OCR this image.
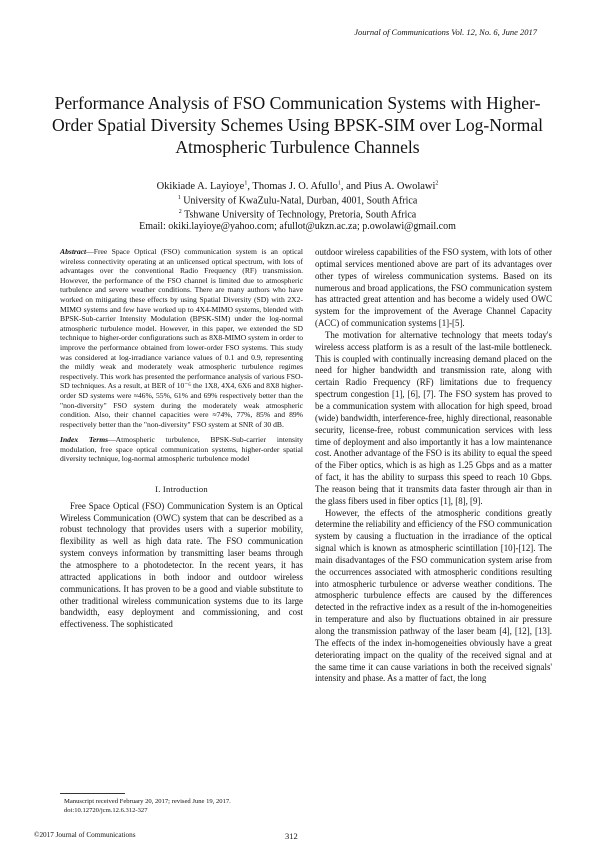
Journal of Communications Vol. 12, No. 6, June 2017
Performance Analysis of FSO Communication Systems with Higher-Order Spatial Diversity Schemes Using BPSK-SIM over Log-Normal Atmospheric Turbulence Channels
Okikiade A. Layioye$^1$, Thomas J. O. Afullo$^1$, and Pius A. Owolawi$^2$
$^1$ University of KwaZulu-Natal, Durban, 4001, South Africa
$^2$ Tshwane University of Technology, Pretoria, South Africa
Email: okiki.layioye@yahoo.com; afullot@ukzn.ac.za; p.owolawi@gmail.com

Abstract—Free Space Optical (FSO) communication system is an optical wireless connectivity operating at an unlicensed optical spectrum, with lots of advantages over the conventional Radio Frequency (RF) transmission. However, the performance of the FSO channel is limited due to atmospheric turbulence and severe weather conditions. There are many authors who have worked on mitigating these effects by using Spatial Diversity (SD) with 2X2-MIMO systems and few have worked up to 4X4-MIMO systems, blended with BPSK-Sub-carrier Intensity Modulation (BPSK-SIM) under the log-normal atmospheric turbulence model. However, in this paper, we extended the SD technique to higher-order configurations such as 8X8-MIMO system in order to improve the performance obtained from lower-order FSO systems. This study was considered at log-irradiance variance values of 0.1 and 0.9, representing the mildly weak and moderately weak atmospheric turbulence regimes respectively. This work has presented the performance analysis of various FSO-SD techniques. As a result, at BER of 10⁻⁶ the 1X8, 4X4, 6X6 and 8X8 higher-order SD systems were ≈46%, 55%, 61% and 69% respectively better than the "non-diversity" FSO system during the moderately weak atmospheric condition. Also, their channel capacities were ≈74%, 77%, 85% and 89% respectively better than the "non-diversity" FSO system at SNR of 30 dB.

Index Terms—Atmospheric turbulence, BPSK-Sub-carrier intensity modulation, free space optical communication systems, higher-order spatial diversity technique, log-normal atmospheric turbulence model

I. Introduction

Free Space Optical (FSO) Communication System is an Optical Wireless Communication (OWC) system that can be described as a robust technology that provides users with a superior mobility, flexibility as well as high data rate. The FSO communication system conveys information by transmitting laser beams through the atmosphere to a photodetector. In the recent years, it has attracted applications in both indoor and outdoor wireless communications. It has proven to be a good and viable substitute to other traditional wireless communication systems due to its large bandwidth, easy deployment and commissioning, and cost effectiveness. The sophisticated

outdoor wireless capabilities of the FSO system, with lots of other optimal services mentioned above are part of its advantages over other types of wireless communication systems. Based on its numerous and broad applications, the FSO communication system has attracted great attention and has become a widely used OWC system for the improvement of the Average Channel Capacity (ACC) of communication systems [1]-[5].

The motivation for alternative technology that meets today's wireless access platform is as a result of the last-mile bottleneck. This is coupled with continually increasing demand placed on the need for higher bandwidth and transmission rate, along with certain Radio Frequency (RF) limitations due to frequency spectrum congestion [1], [6], [7]. The FSO system has proved to be a communication system with allocation for high speed, broad (wide) bandwidth, interference-free, highly directional, reasonable security, license-free, robust communication services with less time of deployment and also importantly it has a low maintenance cost. Another advantage of the FSO is its ability to equal the speed of the Fiber optics, which is as high as 1.25 Gbps and as a matter of fact, it has the ability to surpass this speed to reach 10 Gbps. The reason being that it transmits data faster through air than in the glass fibers used in fiber optics [1], [8], [9].

However, the effects of the atmospheric conditions greatly determine the reliability and efficiency of the FSO communication system by causing a fluctuation in the irradiance of the optical signal which is known as atmospheric scintillation [10]-[12]. The main disadvantages of the FSO communication system arise from the occurrences associated with atmospheric conditions resulting into atmospheric turbulence or adverse weather conditions. The atmospheric turbulence effects are caused by the differences detected in the refractive index as a result of the in-homogeneities in temperature and also by fluctuations obtained in air pressure along the transmission pathway of the laser beam [4], [12], [13]. The effects of the index in-homogeneities obviously have a great deteriorating impact on the quality of the received signal and at the same time it can cause variations in both the received signals' intensity and phase. As a matter of fact, the long

Manuscript received February 20, 2017; revised June 19, 2017.
doi:10.12720/jcm.12.6.312-327
©2017 Journal of Communications	312
